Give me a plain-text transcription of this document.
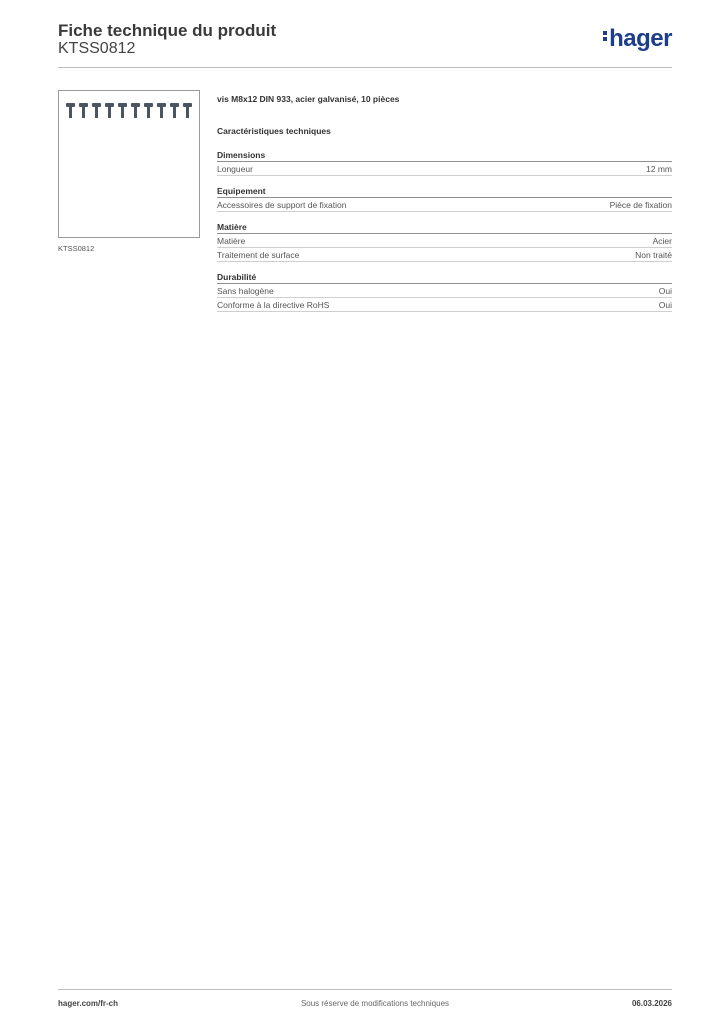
Fiche technique du produit
KTSS0812	hager
KTSS0812

vis M8x12 DIN 933, acier galvanisé, 10 pièces

Caractéristiques techniques
Dimensions
Longueur	12 mm
Equipement
Accessoires de support de fixation	Pièce de fixation
Matière
Matière	Acier
Traitement de surface	Non traité
Durabilité
Sans halogène	Oui
Conforme à la directive RoHS	Oui
hager.com/fr-ch	Sous réserve de modifications techniques	06.03.2026
